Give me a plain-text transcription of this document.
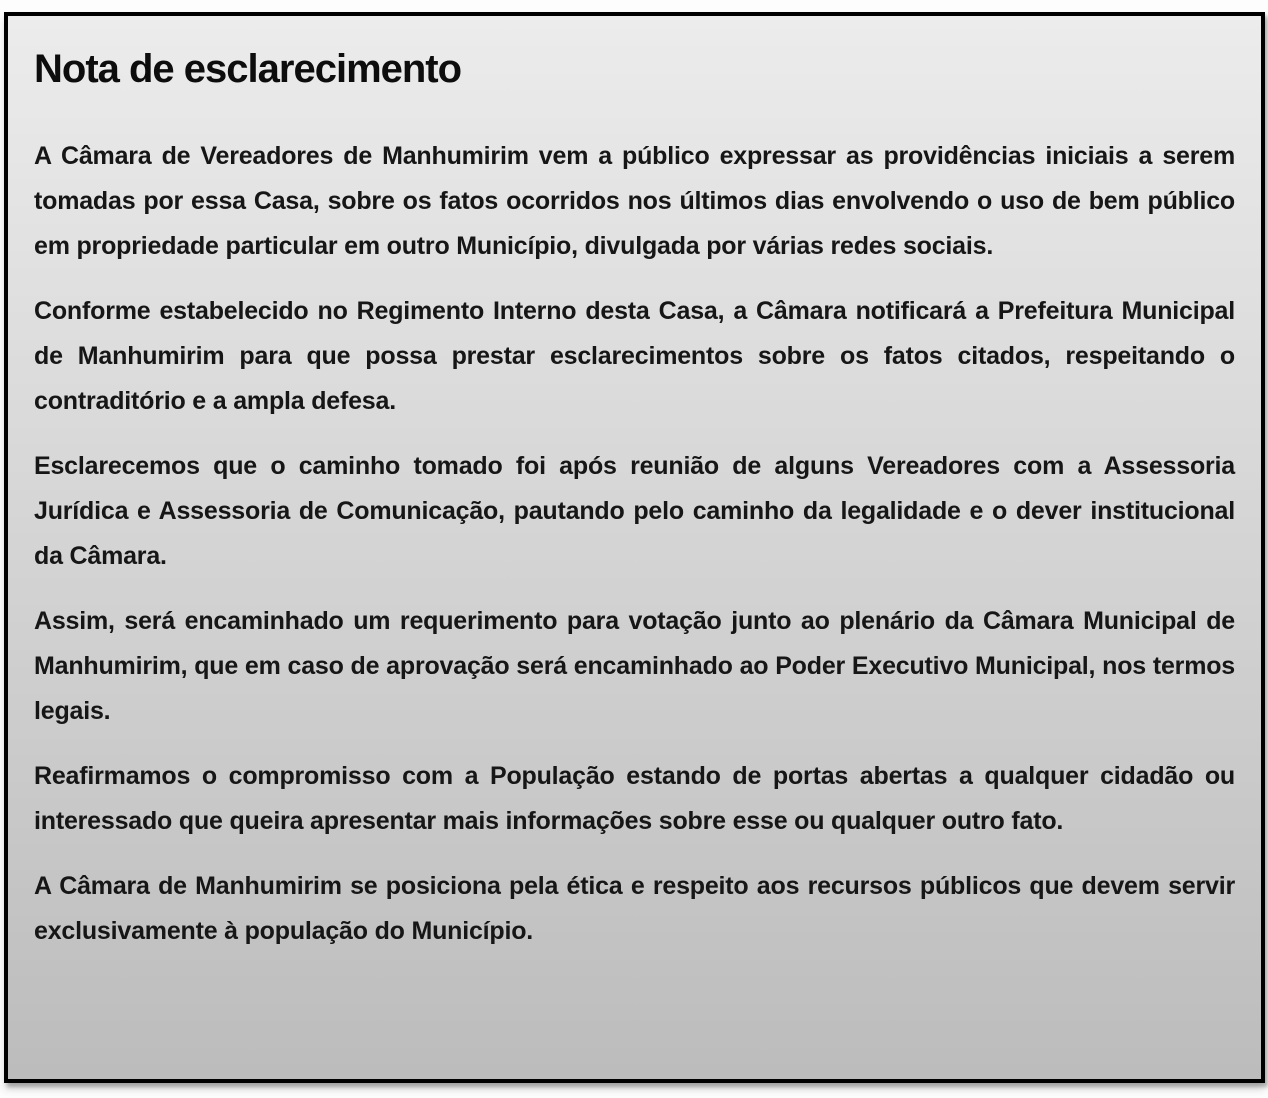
Nota de esclarecimento

A Câmara de Vereadores de Manhumirim vem a público expressar as providências iniciais a serem tomadas por essa Casa, sobre os fatos ocorridos nos últimos dias envolvendo o uso de bem público em propriedade particular em outro Município, divulgada por várias redes sociais.

Conforme estabelecido no Regimento Interno desta Casa, a Câmara notificará a Prefeitura Municipal de Manhumirim para que possa prestar esclarecimentos sobre os fatos citados, respeitando o contraditório e a ampla defesa.

Esclarecemos que o caminho tomado foi após reunião de alguns Vereadores com a Assessoria Jurídica e Assessoria de Comunicação, pautando pelo caminho da legalidade e o dever institucional da Câmara.

Assim, será encaminhado um requerimento para votação junto ao plenário da Câmara Municipal de Manhumirim, que em caso de aprovação será encaminhado ao Poder Executivo Municipal, nos termos legais.

Reafirmamos o compromisso com a População estando de portas abertas a qualquer cidadão ou interessado que queira apresentar mais informações sobre esse ou qualquer outro fato.

A Câmara de Manhumirim se posiciona pela ética e respeito aos recursos públicos que devem servir exclusivamente à população do Município.
